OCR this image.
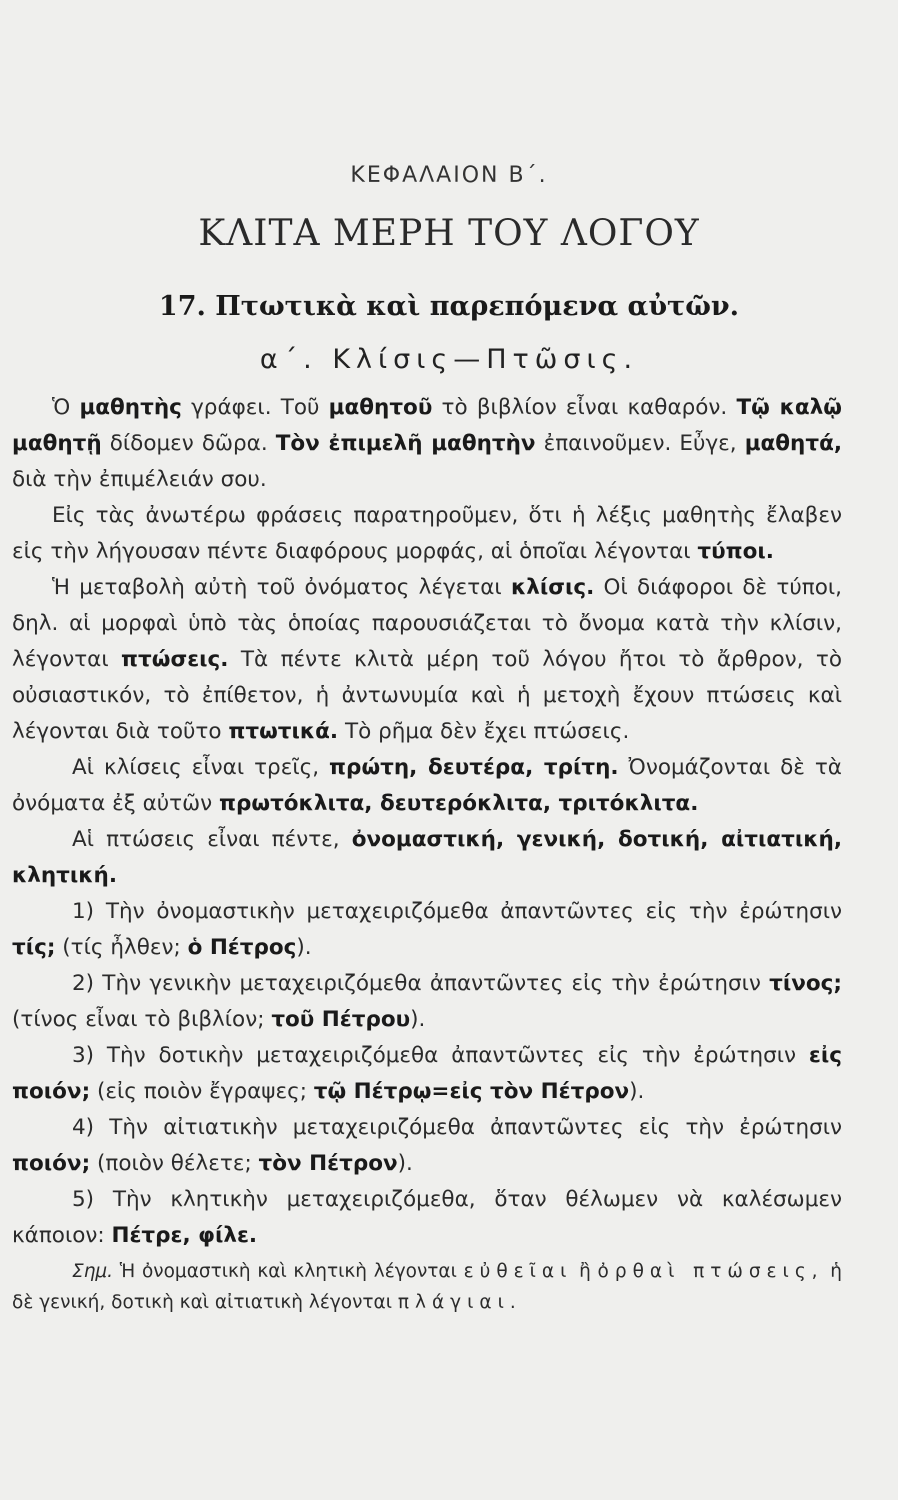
ΚΕΦΑΛΑΙΟΝ Β΄.
ΚΛΙΤΑ ΜΕΡΗ ΤΟΥ ΛΟΓΟΥ
17. Πτωτικὰ καὶ παρεπόμενα αὐτῶν.
α΄. Κλίσις—Πτῶσις.

Ὁ μαθητὴς γράφει. Τοῦ μαθητοῦ τὸ βιβλίον εἶναι καθαρόν. Τῷ καλῷ μαθητῇ δίδομεν δῶρα. Τὸν ἐπιμελῆ μαθητὴν ἐπαινοῦμεν. Εὖγε, μαθητά, διὰ τὴν ἐπιμέλειάν σου.

Εἰς τὰς ἀνωτέρω φράσεις παρατηροῦμεν, ὅτι ἡ λέξις μαθητὴς ἔλαβεν εἰς τὴν λήγουσαν πέντε διαφόρους μορφάς, αἱ ὁποῖαι λέγονται τύποι.

Ἡ μεταβολὴ αὐτὴ τοῦ ὀνόματος λέγεται κλίσις. Οἱ διάφοροι δὲ τύποι, δηλ. αἱ μορφαὶ ὑπὸ τὰς ὁποίας παρουσιάζεται τὸ ὄνομα κατὰ τὴν κλίσιν, λέγονται πτώσεις. Τὰ πέντε κλιτὰ μέρη τοῦ λόγου ἤτοι τὸ ἄρθρον, τὸ οὐσιαστικόν, τὸ ἐπίθετον, ἡ ἀντωνυμία καὶ ἡ μετοχὴ ἔχουν πτώσεις καὶ λέγονται διὰ τοῦτο πτωτικά. Τὸ ρῆμα δὲν ἔχει πτώσεις.

Αἱ κλίσεις εἶναι τρεῖς, πρώτη, δευτέρα, τρίτη. Ὀνομάζονται δὲ τὰ ὀνόματα ἐξ αὐτῶν πρωτόκλιτα, δευτερόκλιτα, τριτόκλιτα.

Αἱ πτώσεις εἶναι πέντε, ὀνομαστική, γενική, δοτική, αἰτιατική, κλητική.

1) Τὴν ὀνομαστικὴν μεταχειριζόμεθα ἀπαντῶντες εἰς τὴν ἐρώτησιν τίς; (τίς ἦλθεν; ὁ Πέτρος).

2) Τὴν γενικὴν μεταχειριζόμεθα ἀπαντῶντες εἰς τὴν ἐρώτησιν τίνος; (τίνος εἶναι τὸ βιβλίον; τοῦ Πέτρου).

3) Τὴν δοτικὴν μεταχειριζόμεθα ἀπαντῶντες εἰς τὴν ἐρώτησιν εἰς ποιόν; (εἰς ποιὸν ἔγραψες; τῷ Πέτρῳ=εἰς τὸν Πέτρον).

4) Τὴν αἰτιατικὴν μεταχειριζόμεθα ἀπαντῶντες εἰς τὴν ἐρώτησιν ποιόν; (ποιὸν θέλετε; τὸν Πέτρον).

5) Τὴν κλητικὴν μεταχειριζόμεθα, ὅταν θέλωμεν νὰ καλέσωμεν κάποιον: Πέτρε, φίλε.

Σημ. Ἡ ὀνομαστικὴ καὶ κλητικὴ λέγονται εὐθεῖαι ἢ ὀρθαὶ πτώσεις, ἡ δὲ γενική, δοτικὴ καὶ αἰτιατικὴ λέγονται πλάγιαι.
